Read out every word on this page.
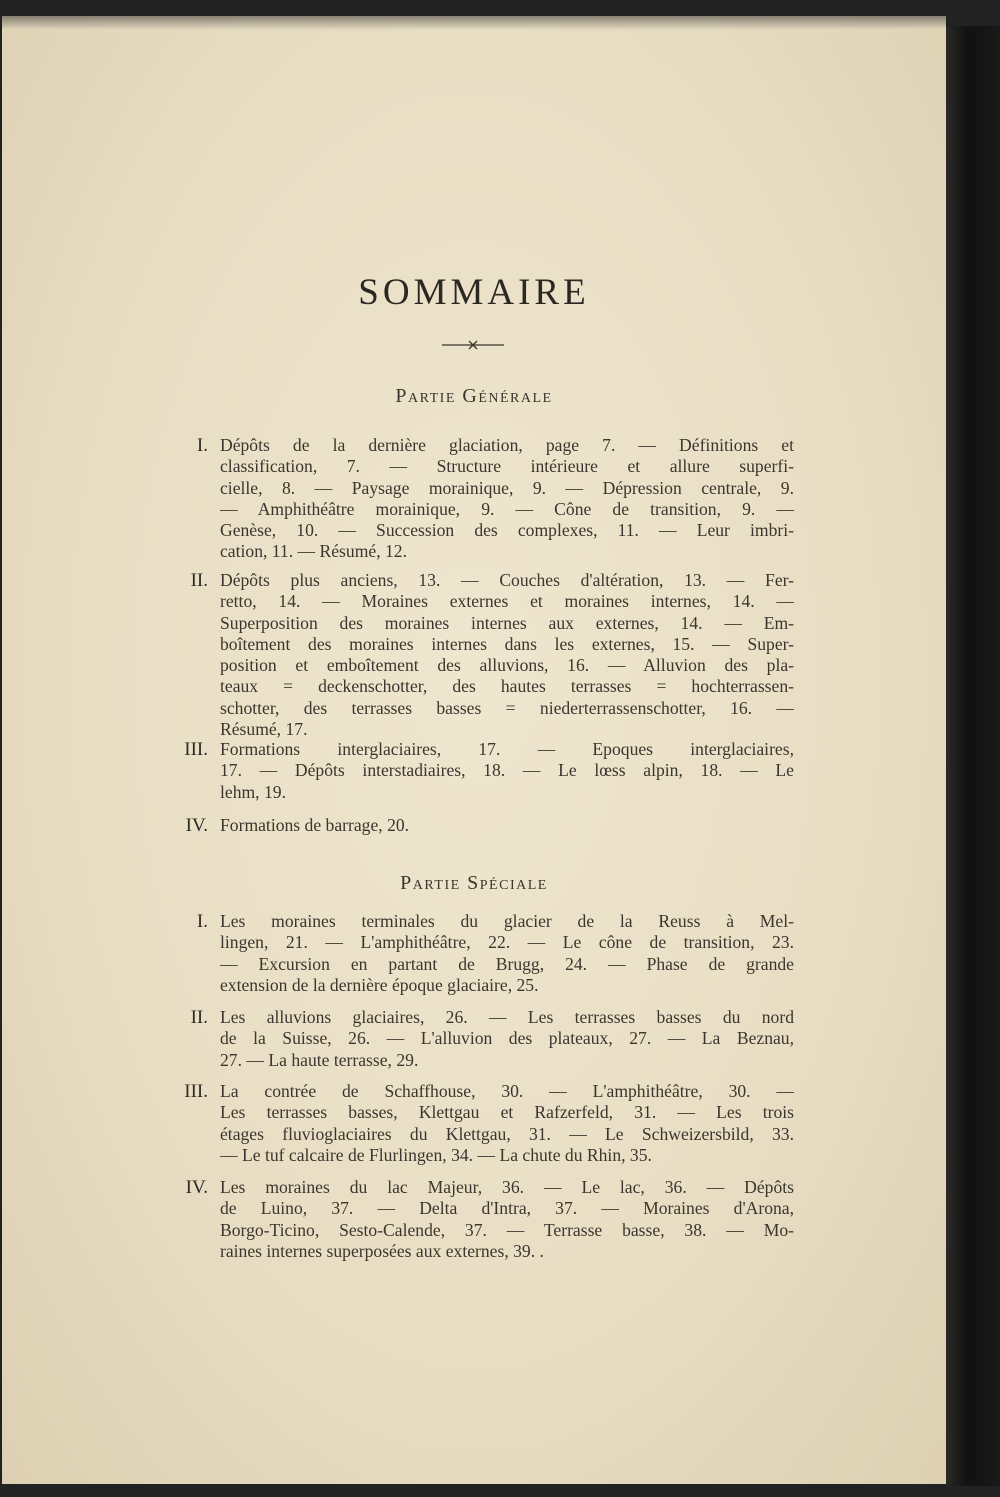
SOMMAIRE
Partie Générale
I. Dépôts de la dernière glaciation, page 7. — Définitions et
classification, 7. — Structure intérieure et allure superfi-
cielle, 8. — Paysage morainique, 9. — Dépression centrale, 9.
— Amphithéâtre morainique, 9. — Cône de transition, 9. —
Genèse, 10. — Succession des complexes, 11. — Leur imbri-
cation, 11. — Résumé, 12.
II. Dépôts plus anciens, 13. — Couches d'altération, 13. — Fer-
retto, 14. — Moraines externes et moraines internes, 14. —
Superposition des moraines internes aux externes, 14. — Em-
boîtement des moraines internes dans les externes, 15. — Super-
position et emboîtement des alluvions, 16. — Alluvion des pla-
teaux = deckenschotter, des hautes terrasses = hochterrassen-
schotter, des terrasses basses = niederterrassenschotter, 16. —
Résumé, 17.
III. Formations interglaciaires, 17. — Epoques interglaciaires,
17. — Dépôts interstadiaires, 18. — Le lœss alpin, 18. — Le
lehm, 19.
IV. Formations de barrage, 20.
Partie Spéciale
I. Les moraines terminales du glacier de la Reuss à Mel-
lingen, 21. — L'amphithéâtre, 22. — Le cône de transition, 23.
— Excursion en partant de Brugg, 24. — Phase de grande
extension de la dernière époque glaciaire, 25.
II. Les alluvions glaciaires, 26. — Les terrasses basses du nord
de la Suisse, 26. — L'alluvion des plateaux, 27. — La Beznau,
27. — La haute terrasse, 29.
III. La contrée de Schaffhouse, 30. — L'amphithéâtre, 30. —
Les terrasses basses, Klettgau et Rafzerfeld, 31. — Les trois
étages fluvioglaciaires du Klettgau, 31. — Le Schweizersbild, 33.
— Le tuf calcaire de Flurlingen, 34. — La chute du Rhin, 35.
IV. Les moraines du lac Majeur, 36. — Le lac, 36. — Dépôts
de Luino, 37. — Delta d'Intra, 37. — Moraines d'Arona,
Borgo-Ticino, Sesto-Calende, 37. — Terrasse basse, 38. — Mo-
raines internes superposées aux externes, 39. .
